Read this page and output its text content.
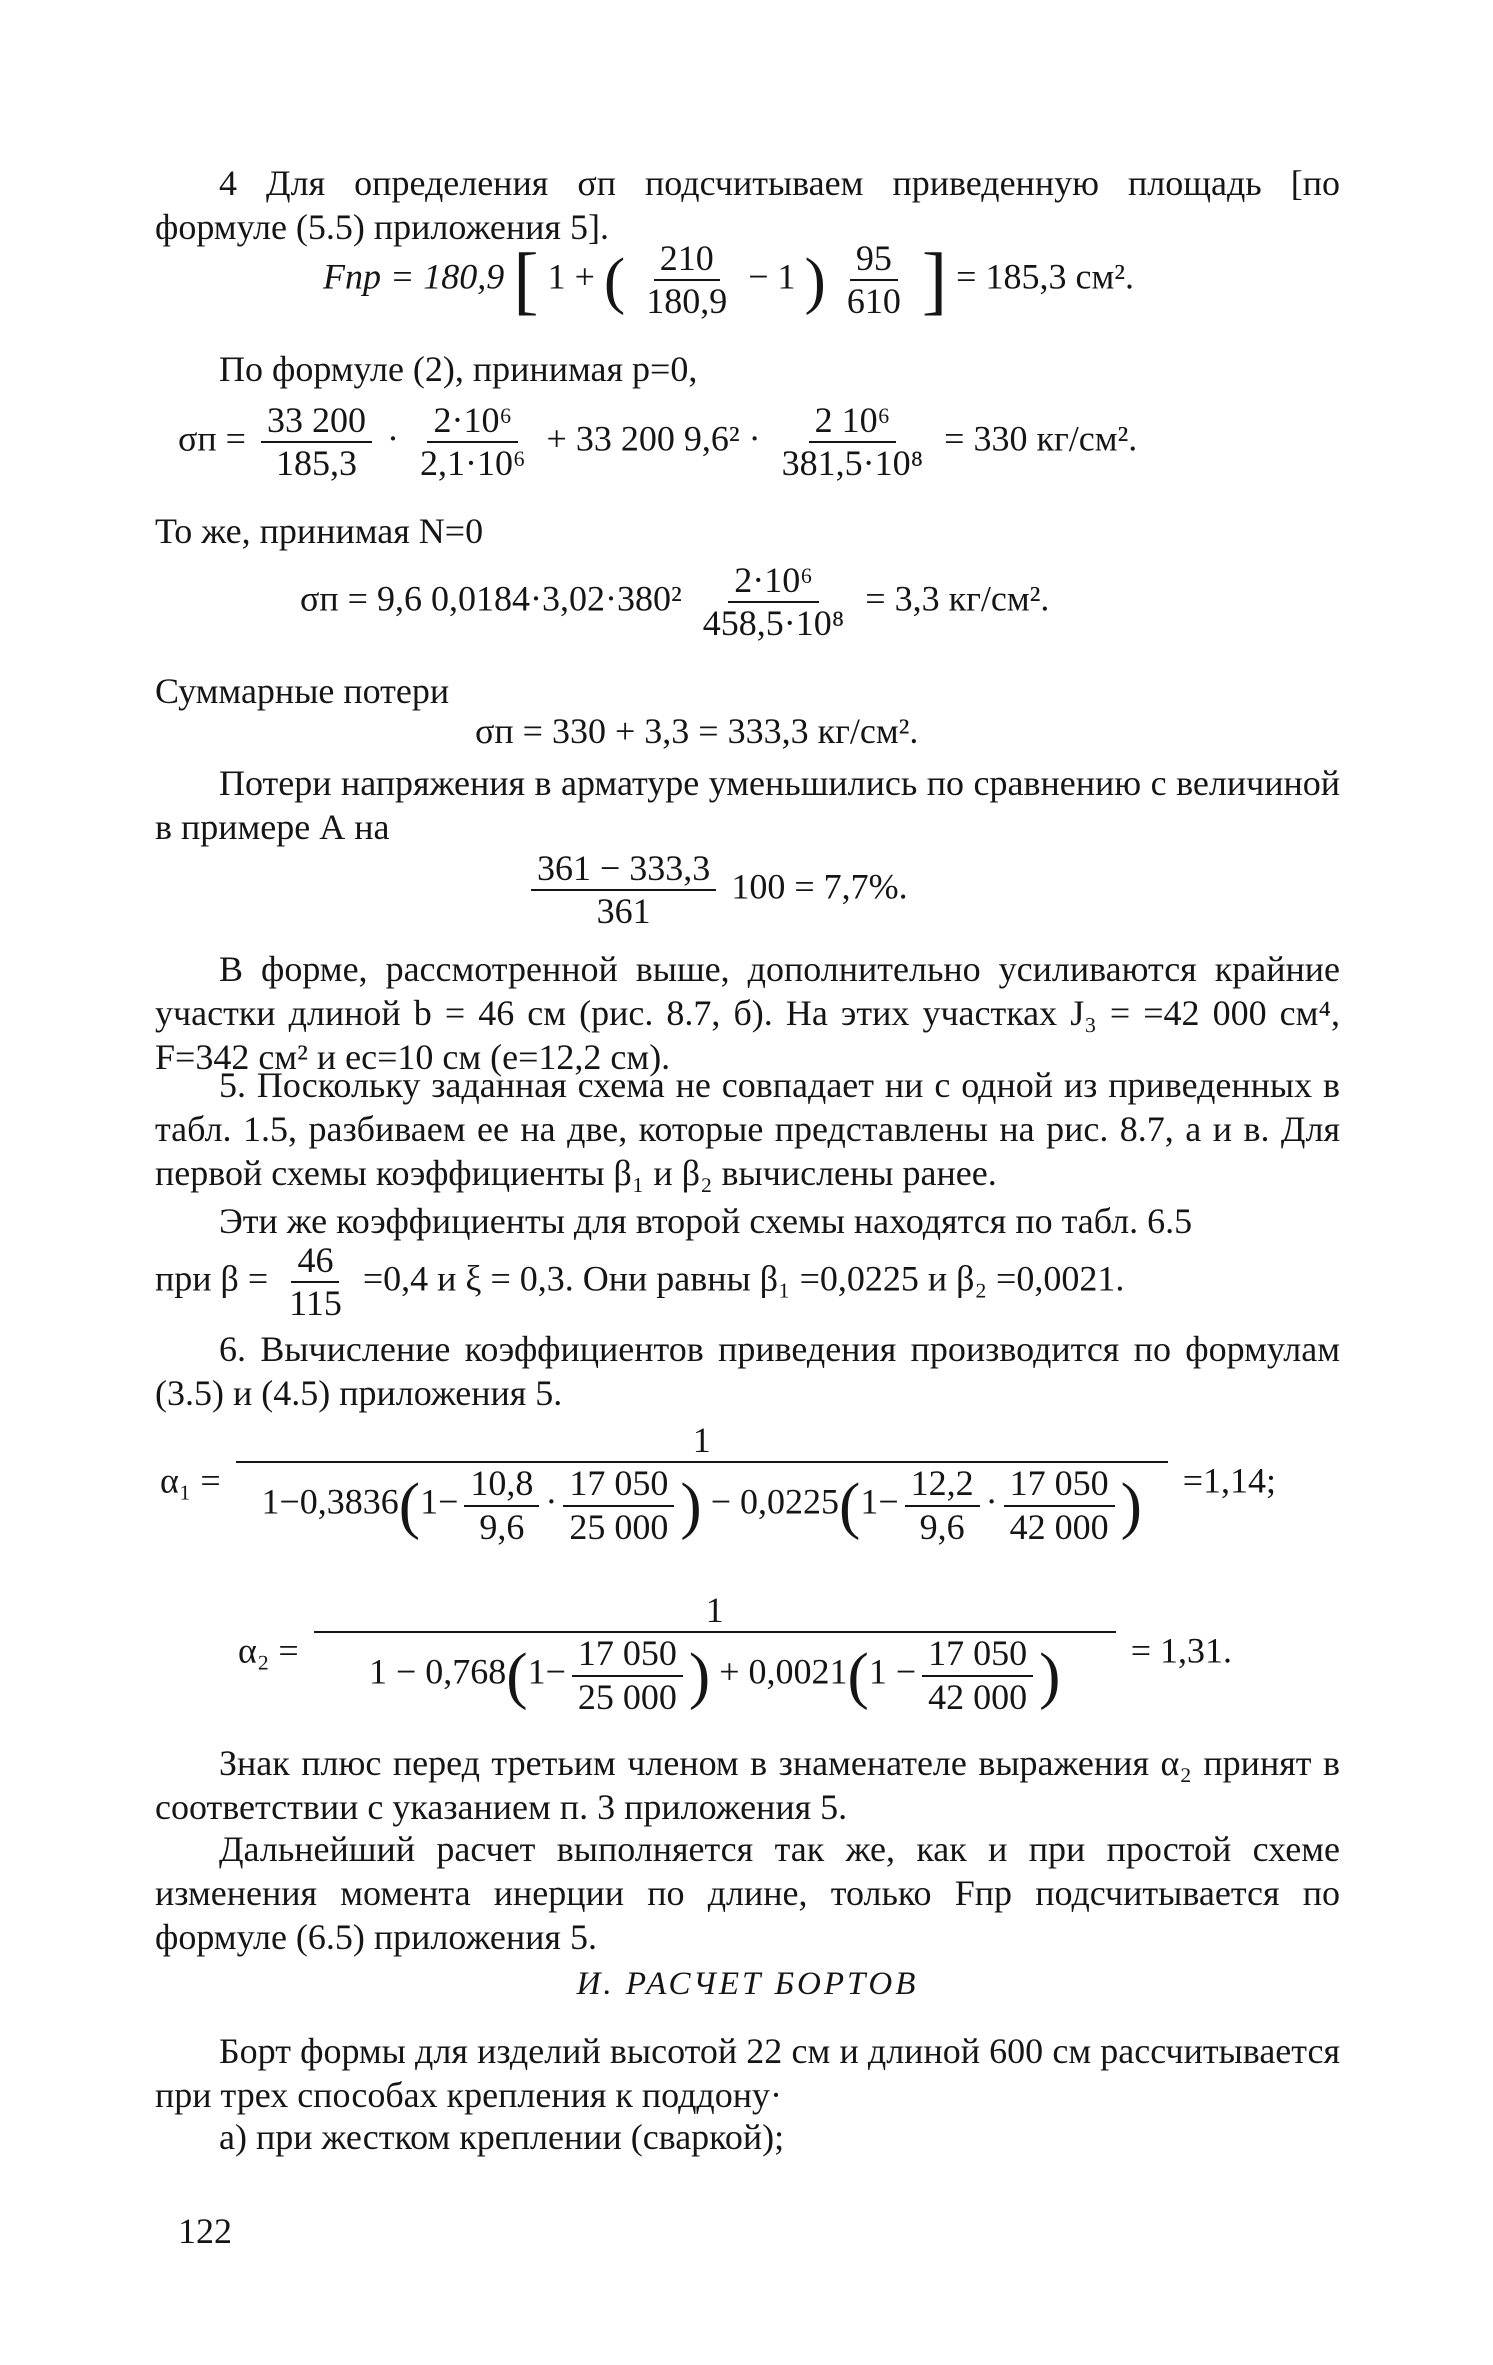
4 Для определения σп подсчитываем приведенную площадь [по формуле (5.5) приложения 5].
Fпр = 180,9 [ 1 + ( $\frac{210}{180,9} - 1$ ) $\frac{95}{610}$ ] = 185,3 см².
По формуле (2), принимая p=0,
$\sigma п = \frac{33 200}{185,3} \cdot \frac{\text{2·10⁶}}{\text{2,1·10⁶}} + 33$ 200 $9,6^2 \cdot \frac{\text{2 10⁶}}{\text{381,5·10⁸}} = 330$ кг/см².
То же, принимая N=0
σп = 9,6 $0,0184\cdot 3,02\cdot 380^2 \frac{\text{2·10⁶}}{\text{458,5·10⁸}} = 3,3$ кг/см².
Суммарные потери
σп = 330 + 3,3 = 333,3 кг/см².
Потери напряжения в арматуре уменьшились по сравнению с величиной в примере А на
$\frac{361 - 333,3}{361} 100 = 7,7\%$.
В форме, рассмотренной выше, дополнительно усиливаются крайние участки длиной b = 46 см (рис. 8.7, б). На этих участках J₃ = =42 000 см⁴, F=342 см² и eс=10 см (e=12,2 см).
5. Поскольку заданная схема не совпадает ни с одной из приведенных в табл. 1.5, разбиваем ее на две, которые представлены на рис. 8.7, а и в. Для первой схемы коэффициенты β₁ и β₂ вычислены ранее.
Эти же коэффициенты для второй схемы находятся по табл. 6.5
при $\beta = \frac{46}{115} =0,4$ и ξ = 0,3. Они равны β₁ =0,0225 и β₂ =0,0021.
6. Вычисление коэффициентов приведения производится по формулам (3.5) и (4.5) приложения 5.
α₁ =
1
$1-0,3836(1- \frac{10,8}{9,6} \cdot \frac{17 050}{25 000}$ ) − $0,0225(1- \frac{12,2}{9,6} \cdot \frac{17 050}{42 000}$ ) =1,14;
$\alpha_2 = \frac{1}{1 - 0,768(1- \frac{17 050}{25 000} ) + 0,0021(1 - \frac{17 050}{42 000} )} = 1,31$.
Знак плюс перед третьим членом в знаменателе выражения α₂ принят в соответствии с указанием п. 3 приложения 5.
Дальнейший расчет выполняется так же, как и при простой схеме изменения момента инерции по длине, только Fпр подсчитывается по формуле (6.5) приложения 5.
И. РАСЧЕТ БОРТОВ
Борт формы для изделий высотой 22 см и длиной 600 см рассчитывается при трех способах крепления к поддону·
а) при жестком креплении (сваркой);
122
